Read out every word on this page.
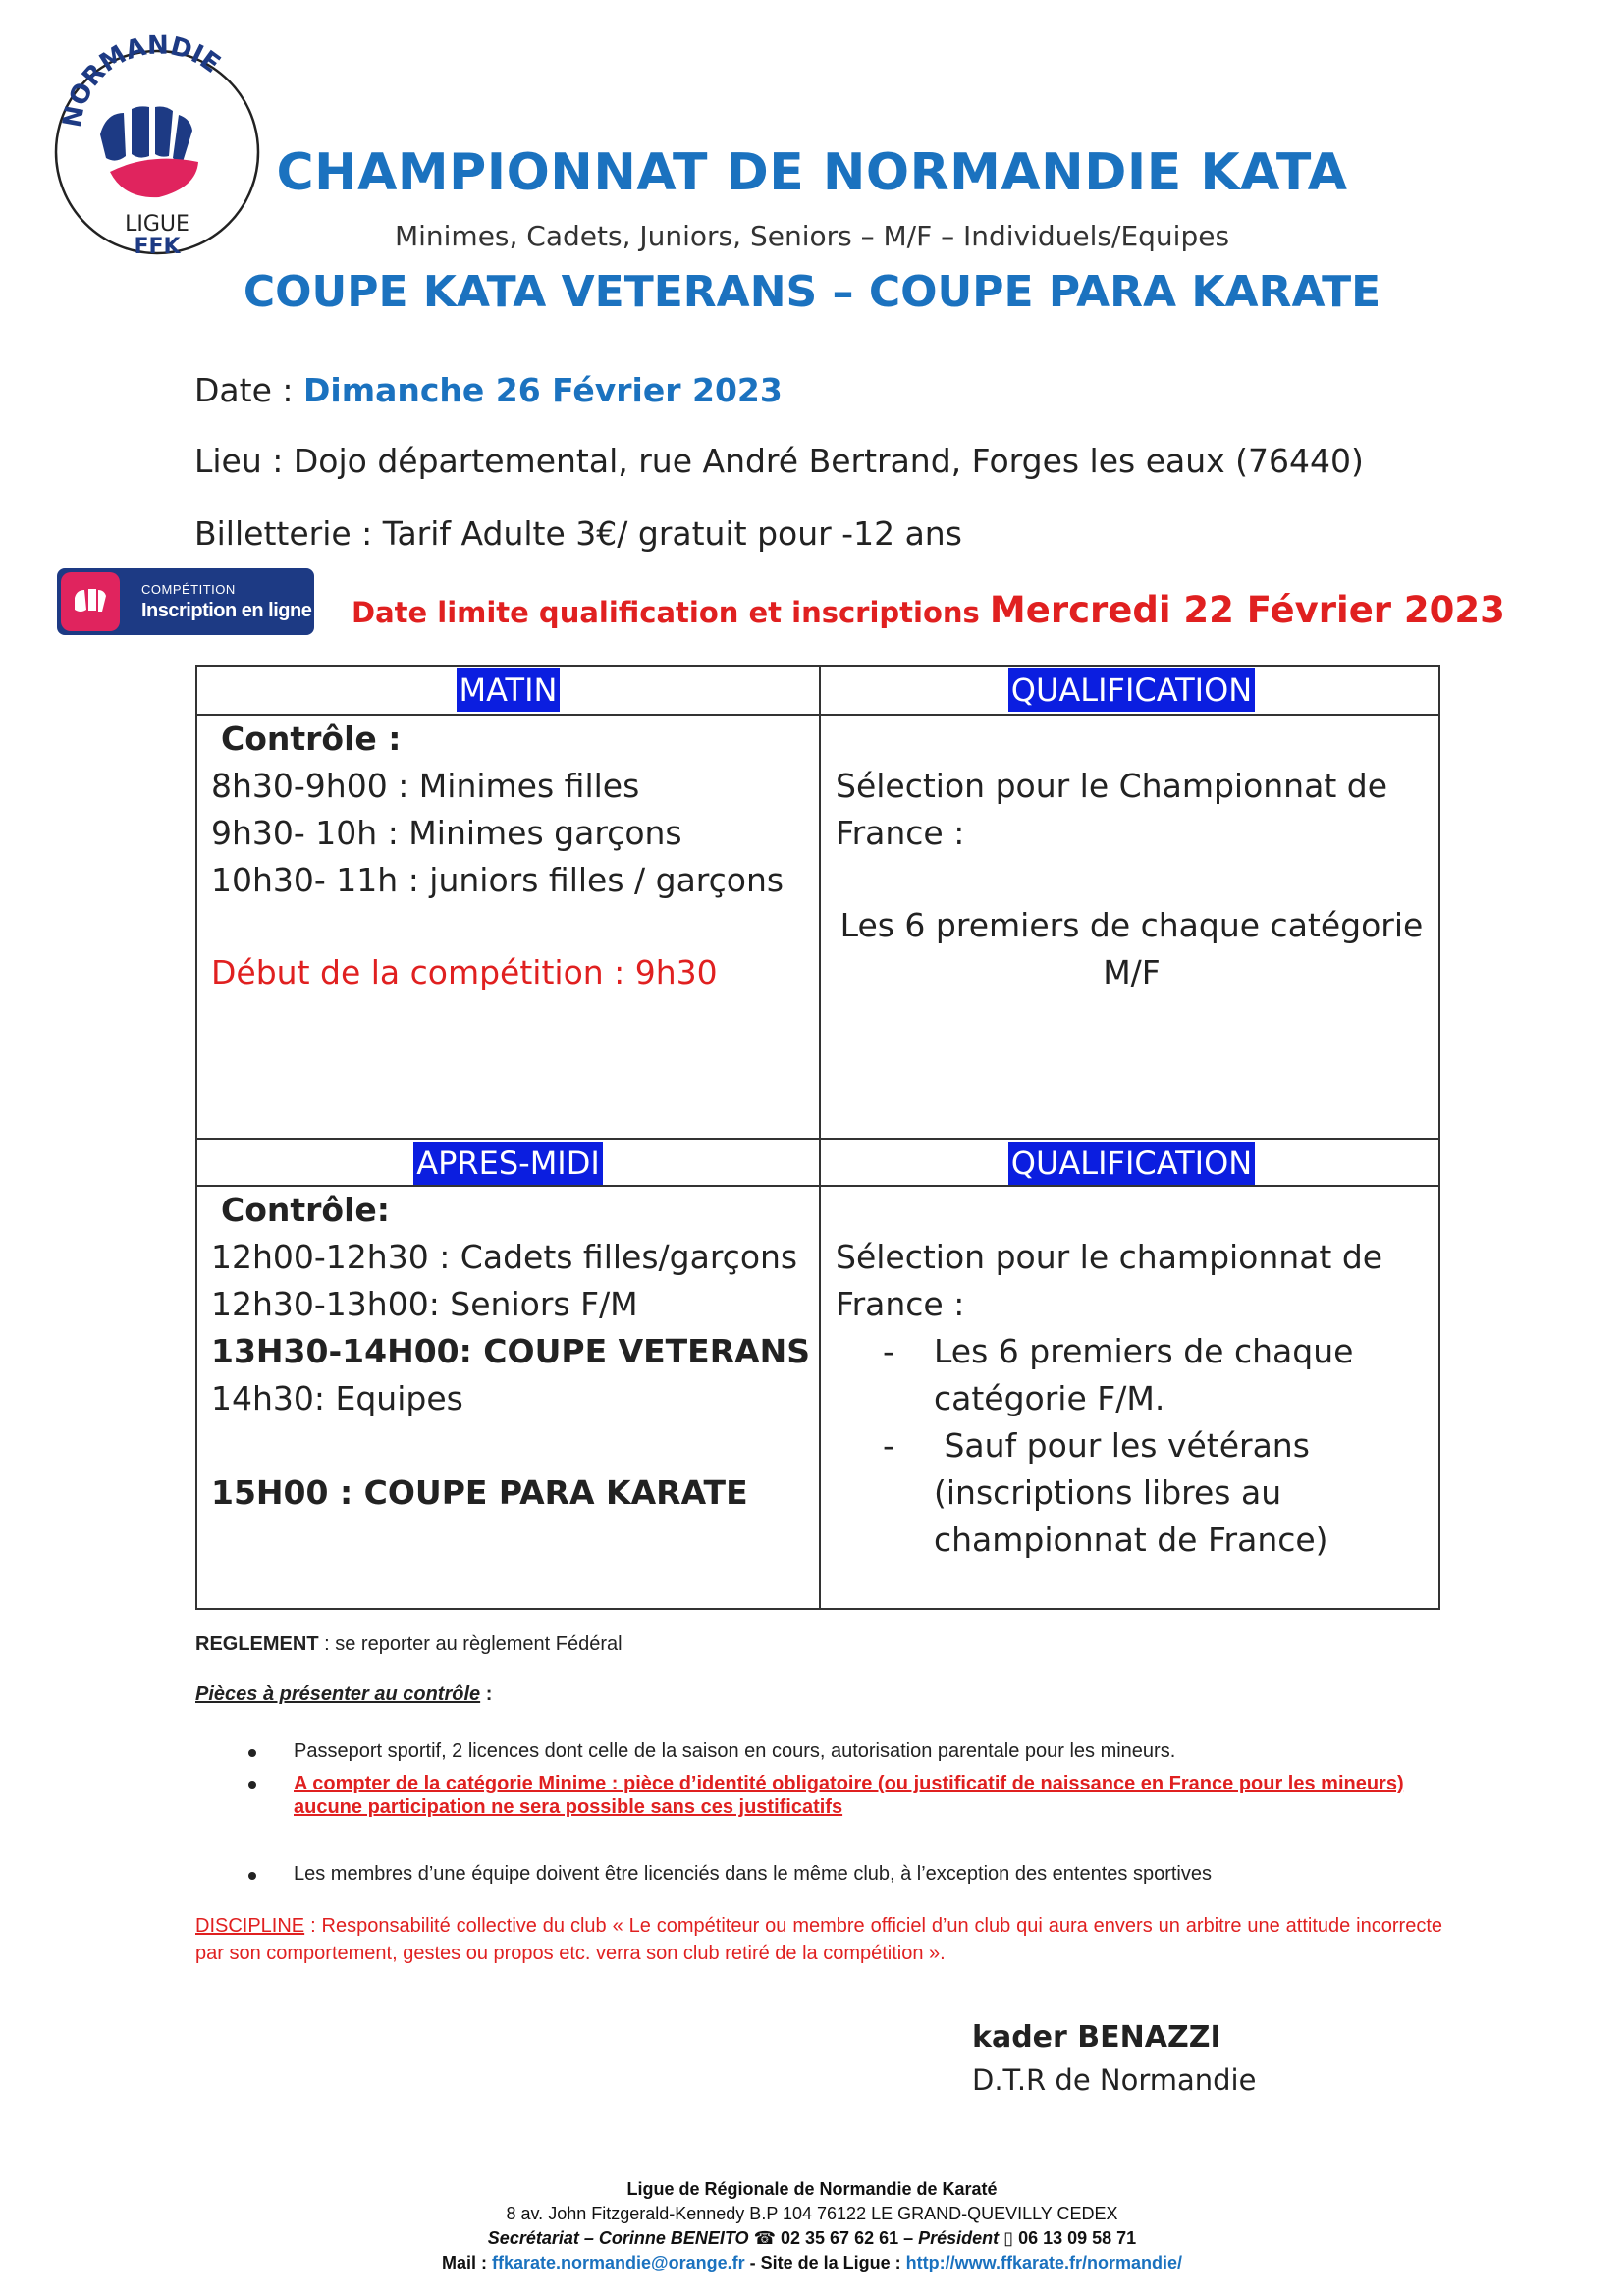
NORMANDIE
LIGUE
FFK
CHAMPIONNAT DE NORMANDIE KATA
Minimes, Cadets, Juniors, Seniors – M/F – Individuels/Equipes
COUPE KATA VETERANS – COUPE PARA KARATE
Date : Dimanche 26 Février 2023
Lieu : Dojo départemental, rue André Bertrand, Forges les eaux (76440)
Billetterie : Tarif Adulte 3€/ gratuit pour -12 ans
COMPÉTITION
Inscription en ligne Date limite qualification et inscriptions Mercredi 22 Février 2023
MATIN
Contrôle :
8h30-9h00 : Minimes filles
9h30- 10h : Minimes garçons
10h30- 11h : juniors filles / garçons
Début de la compétition : 9h30
QUALIFICATION
Sélection pour le Championnat de
France :
Les 6 premiers de chaque catégorie
M/F
APRES-MIDI
Contrôle:
12h00-12h30 : Cadets filles/garçons
12h30-13h00: Seniors F/M
13H30-14H00: COUPE VETERANS
14h30: Equipes
15H00 : COUPE PARA KARATE
QUALIFICATION
Sélection pour le championnat de
France :
- Les 6 premiers de chaque
catégorie F/M.
- Sauf pour les vétérans
(inscriptions libres au
championnat de France)
REGLEMENT : se reporter au règlement Fédéral
Pièces à présenter au contrôle :
Passeport sportif, 2 licences dont celle de la saison en cours, autorisation parentale pour les mineurs.
A compter de la catégorie Minime : pièce d’identité obligatoire (ou justificatif de naissance en France pour les mineurs) aucune participation ne sera possible sans ces justificatifs
Les membres d’une équipe doivent être licenciés dans le même club, à l’exception des ententes sportives
DISCIPLINE : Responsabilité collective du club « Le compétiteur ou membre officiel d’un club qui aura envers un arbitre une attitude incorrecte par son comportement, gestes ou propos etc. verra son club retiré de la compétition ».
kader BENAZZI
D.T.R de Normandie
Ligue de Régionale de Normandie de Karaté
8 av. John Fitzgerald-Kennedy B.P 104 76122 LE GRAND-QUEVILLY CEDEX
Secrétariat – Corinne BENEITO ☎ 02 35 67 62 61 – Président ▯ 06 13 09 58 71
Mail : ffkarate.normandie@orange.fr - Site de la Ligue : http://www.ffkarate.fr/normandie/
